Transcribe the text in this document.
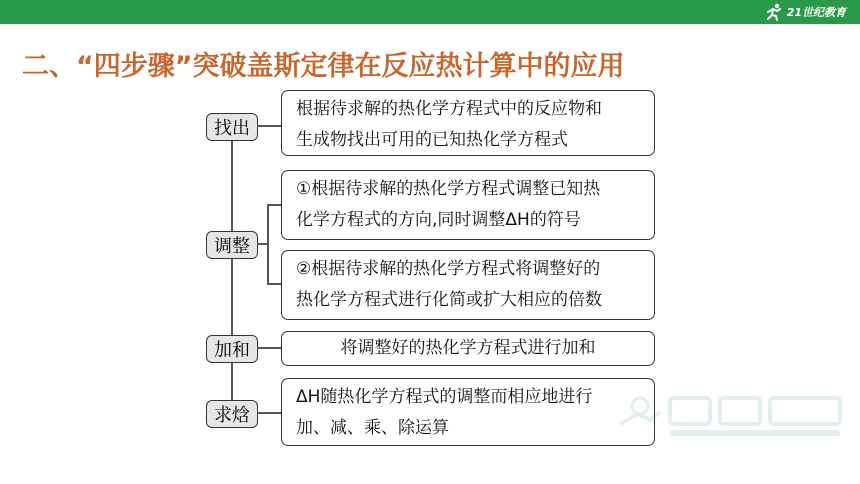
21世纪教育
二、“四步骤”突破盖斯定律在反应热计算中的应用
找出
根据待求解的热化学方程式中的反应物和
生成物找出可用的已知热化学方程式
调整
①根据待求解的热化学方程式调整已知热
化学方程式的方向,同时调整ΔH的符号
②根据待求解的热化学方程式将调整好的
热化学方程式进行化简或扩大相应的倍数
加和	将调整好的热化学方程式进行加和
求焓
ΔH随热化学方程式的调整而相应地进行
加、减、乘、除运算
